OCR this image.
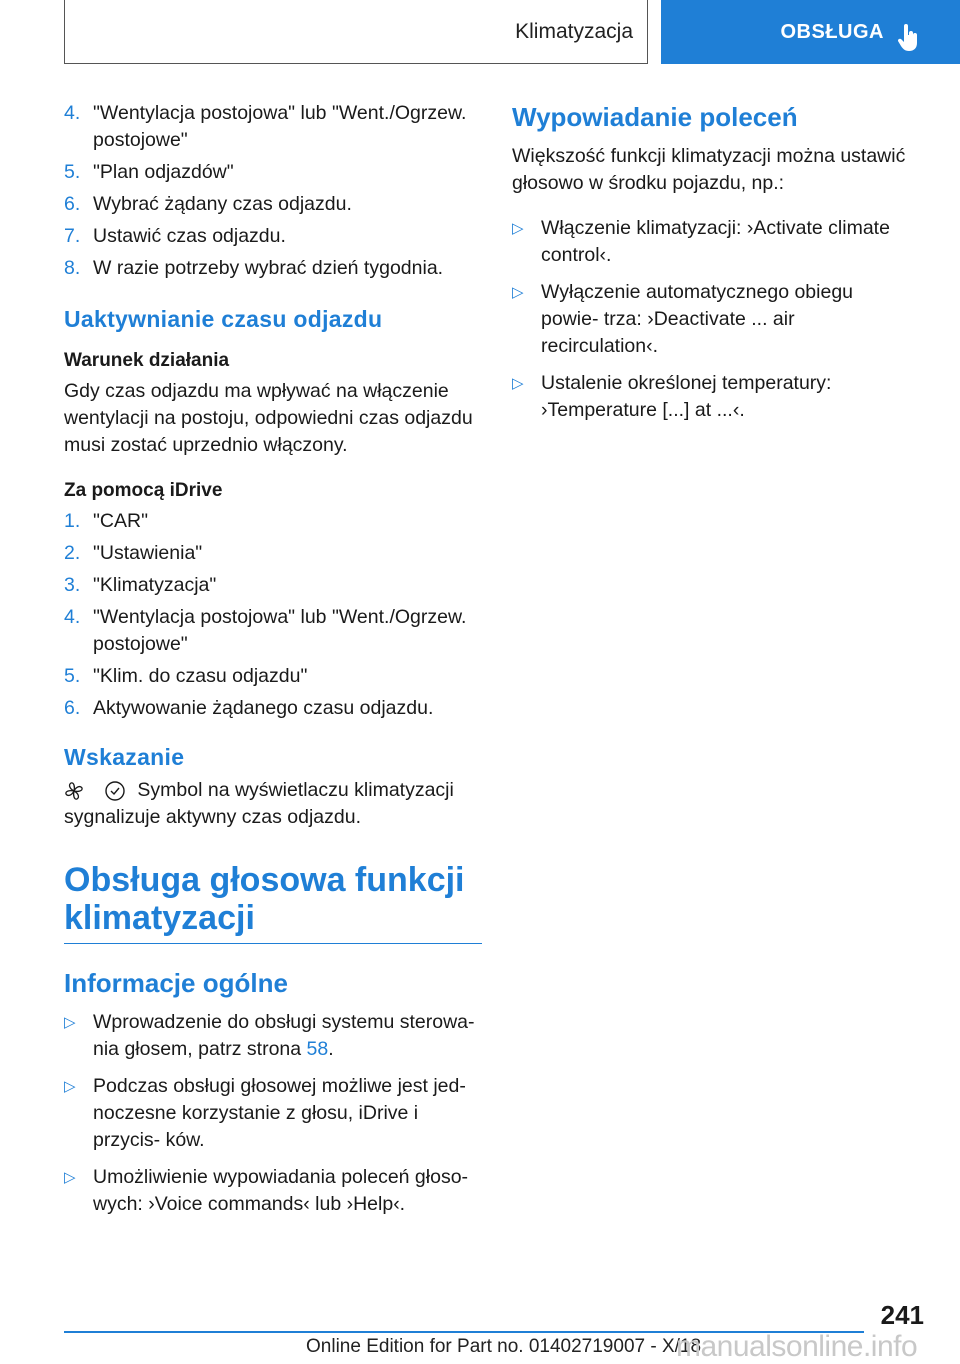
Klimatyzacja	OBSŁUGA
4. "Wentylacja postojowa" lub "Went./Ogrzew. postojowe"
5. "Plan odjazdów"
6. Wybrać żądany czas odjazdu.
7. Ustawić czas odjazdu.
8. W razie potrzeby wybrać dzień tygodnia.
Uaktywnianie czasu odjazdu
Warunek działania
Gdy czas odjazdu ma wpływać na włączenie wentylacji na postoju, odpowiedni czas odjazdu musi zostać uprzednio włączony.
Za pomocą iDrive
1. "CAR"
2. "Ustawienia"
3. "Klimatyzacja"
4. "Wentylacja postojowa" lub "Went./Ogrzew. postojowe"
5. "Klim. do czasu odjazdu"
6. Aktywowanie żądanego czasu odjazdu.
Wskazanie
Symbol na wyświetlaczu klimatyzacji
sygnalizuje aktywny czas odjazdu.
Obsługa głosowa funkcji klimatyzacji
Informacje ogólne
▷ Wprowadzenie do obsługi systemu sterowa- nia głosem, patrz strona 58.
▷ Podczas obsługi głosowej możliwe jest jed- noczesne korzystanie z głosu, iDrive i przycis- ków.
▷ Umożliwienie wypowiadania poleceń głoso- wych: ›Voice commands‹ lub ›Help‹.
Wypowiadanie poleceń
Większość funkcji klimatyzacji można ustawić głosowo w środku pojazdu, np.:
▷ Włączenie klimatyzacji: ›Activate climate control‹.
▷ Wyłączenie automatycznego obiegu powie- trza: ›Deactivate ... air recirculation‹.
▷ Ustalenie określonej temperatury: ›Temperature [...] at ...‹.
241
Online Edition for Part no. 01402719007 - X/18
manualsonline.info
